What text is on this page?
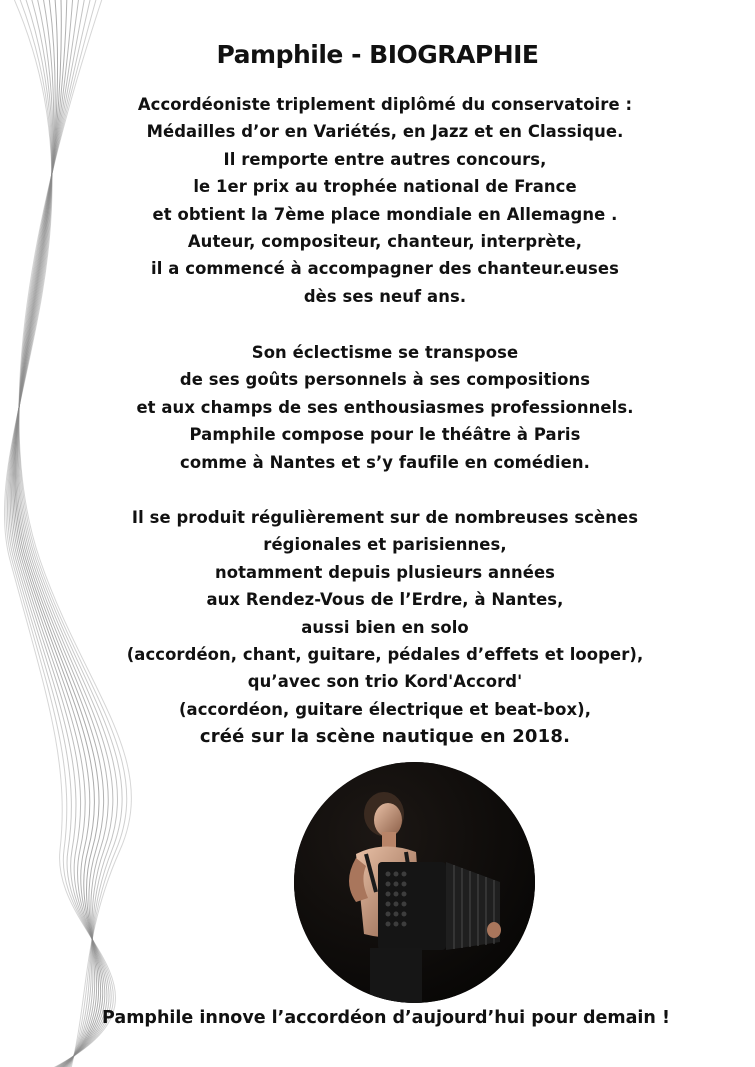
Pamphile - BIOGRAPHIE
Accordéoniste triplement diplômé du conservatoire :
Médailles d’or en Variétés, en Jazz et en Classique.
Il remporte entre autres concours,
le 1er prix au trophée national de France
et obtient la 7ème place mondiale en Allemagne .
Auteur, compositeur, chanteur, interprète,
il a commencé à accompagner des chanteur.euses
dès ses neuf ans.
Son éclectisme se transpose
de ses goûts personnels à ses compositions
et aux champs de ses enthousiasmes professionnels.
Pamphile compose pour le théâtre à Paris
comme à Nantes et s’y faufile en comédien.
Il se produit régulièrement sur de nombreuses scènes
régionales et parisiennes,
notamment depuis plusieurs années
aux Rendez-Vous de l’Erdre, à Nantes,
aussi bien en solo
(accordéon, chant, guitare, pédales d’effets et looper),
qu’avec son trio Kord'Accord'
(accordéon, guitare électrique et beat-box),
créé sur la scène nautique en 2018.
Pamphile innove l’accordéon d’aujourd’hui pour demain !
